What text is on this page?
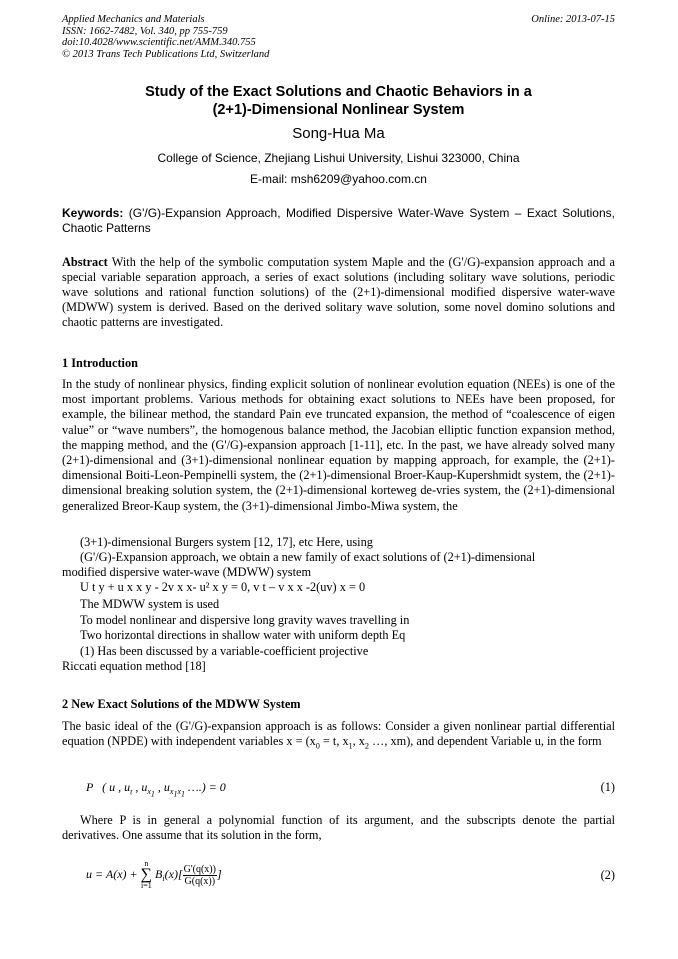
Applied Mechanics and Materials
ISSN: 1662-7482, Vol. 340, pp 755-759
doi:10.4028/www.scientific.net/AMM.340.755
© 2013 Trans Tech Publications Ltd, Switzerland
Online: 2013-07-15
Study of the Exact Solutions and Chaotic Behaviors in a
(2+1)-Dimensional Nonlinear System
Song-Hua Ma
College of Science, Zhejiang Lishui University, Lishui 323000, China
E-mail: msh6209@yahoo.com.cn
Keywords: (G'/G)-Expansion Approach, Modified Dispersive Water-Wave System – Exact Solutions, Chaotic Patterns
Abstract With the help of the symbolic computation system Maple and the (G'/G)-expansion approach and a special variable separation approach, a series of exact solutions (including solitary wave solutions, periodic wave solutions and rational function solutions) of the (2+1)-dimensional modified dispersive water-wave (MDWW) system is derived. Based on the derived solitary wave solution, some novel domino solutions and chaotic patterns are investigated.
1 Introduction
In the study of nonlinear physics, finding explicit solution of nonlinear evolution equation (NEEs) is one of the most important problems. Various methods for obtaining exact solutions to NEEs have been proposed, for example, the bilinear method, the standard Pain eve truncated expansion, the method of “coalescence of eigen value” or “wave numbers”, the homogenous balance method, the Jacobian elliptic function expansion method, the mapping method, and the (G'/G)-expansion approach [1-11], etc. In the past, we have already solved many (2+1)-dimensional and (3+1)-dimensional nonlinear equation by mapping approach, for example, the (2+1)-dimensional Boiti-Leon-Pempinelli system, the (2+1)-dimensional Broer-Kaup-Kupershmidt system, the (2+1)-dimensional breaking solution system, the (2+1)-dimensional korteweg de-vries system, the (2+1)-dimensional generalized Breor-Kaup system, the (3+1)-dimensional Jimbo-Miwa system, the
(3+1)-dimensional Burgers system [12, 17], etc Here, using
(G'/G)-Expansion approach, we obtain a new family of exact solutions of (2+1)-dimensional
modified dispersive water-wave (MDWW) system
U t y + u x x y - 2v x x- u² x y = 0, v t – v x x -2(uv) x = 0
The MDWW system is used
To model nonlinear and dispersive long gravity waves travelling in
Two horizontal directions in shallow water with uniform depth Eq
(1) Has been discussed by a variable-coefficient projective
Riccati equation method [18]
2 New Exact Solutions of the MDWW System
The basic ideal of the (G'/G)-expansion approach is as follows: Consider a given nonlinear partial differential equation (NPDE) with independent variables $x = (x_0 = t$, $x_1$, $x_2$ …, xm), and dependent Variable u, in the form
P   ( u , $u_t$ , $u_{x_1}$ , $u_{x_1x_1}$ ….) = 0	(1)
Where P is in general a polynomial function of its argument, and the subscripts denote the partial derivatives. One assume that its solution in the form,
u = A(x) + n
∑
i=1 $B_i(x)[ \frac{G'(q(x))}{G(q(x))}]$	(2)
